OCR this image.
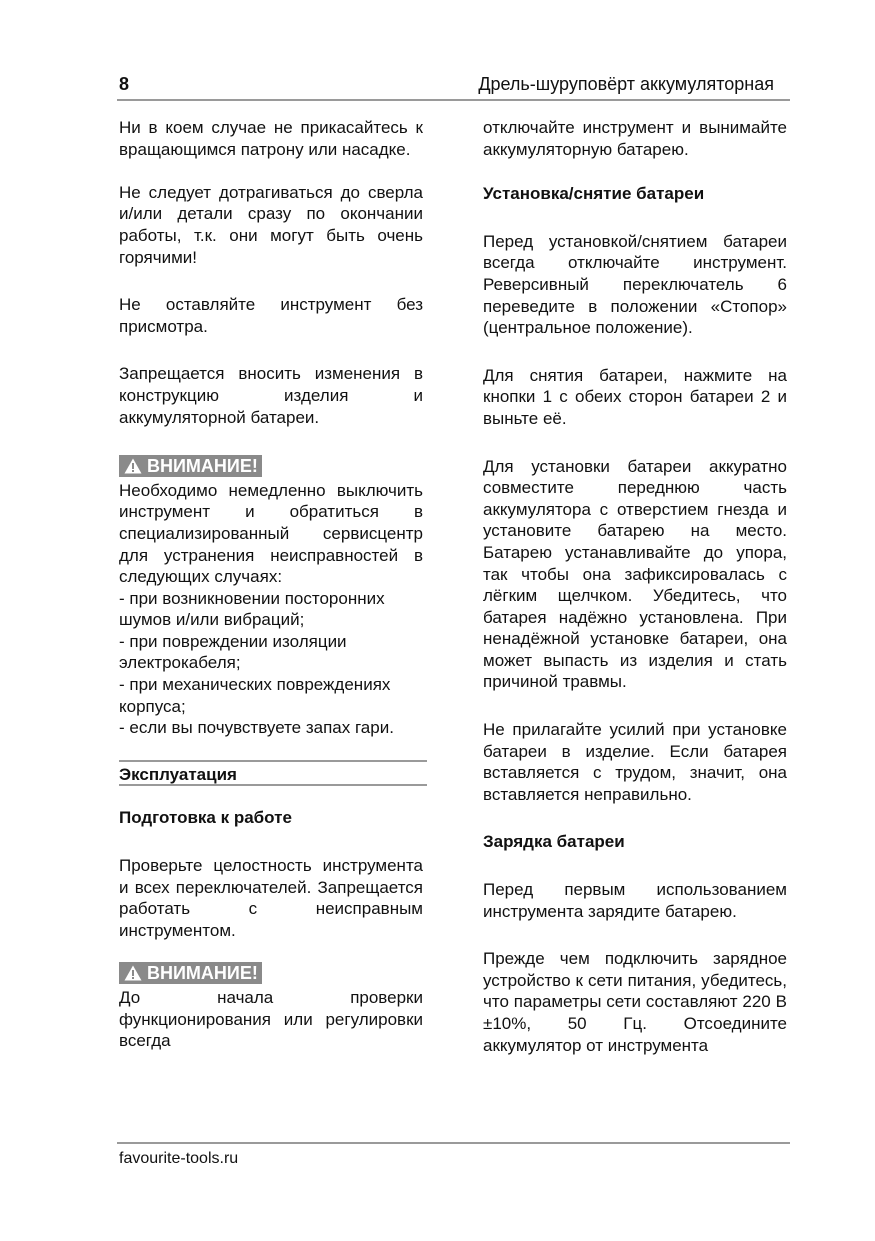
8	Дрель-шуруповёрт аккумуляторная

Ни в коем случае не прикасайтесь к вращающимся патрону или насадке.

Не следует дотрагиваться до сверла и/или детали сразу по окончании работы, т.к. они могут быть очень горячими!

Не оставляйте инструмент без присмотра.

Запрещается вносить изменения в конструкцию изделия и аккумуляторной батареи.

ВНИМАНИЕ!

Необходимо немедленно выключить инструмент и обратиться в специализированный сервисцентр для устранения неисправностей в следующих случаях:

- при возникновении посторонних шумов и/или вибраций;

- при повреждении изоляции электрокабеля;

- при механических повреждениях корпуса;

- если вы почувствуете запах гари.

Эксплуатация
Подготовка к работе

Проверьте целостность инструмента и всех переключателей. Запрещается работать с неисправным инструментом.

ВНИМАНИЕ!

До начала проверки функционирования или регулировки всегда

отключайте инструмент и вынимайте аккумуляторную батарею.

Установка/снятие батареи

Перед установкой/снятием батареи всегда отключайте инструмент. Реверсивный переключатель 6 переведите в положении «Стопор» (центральное положение).

Для снятия батареи, нажмите на кнопки 1 с обеих сторон батареи 2 и выньте её.

Для установки батареи аккуратно совместите переднюю часть аккумулятора с отверстием гнезда и установите батарею на место. Батарею устанавливайте до упора, так чтобы она зафиксировалась с лёгким щелчком. Убедитесь, что батарея надёжно установлена. При ненадёжной установке батареи, она может выпасть из изделия и стать причиной травмы.

Не прилагайте усилий при установке батареи в изделие. Если батарея вставляется с трудом, значит, она вставляется неправильно.

Зарядка батареи

Перед первым использованием инструмента зарядите батарею.

Прежде чем подключить зарядное устройство к сети питания, убедитесь, что параметры сети составляют 220 В ±10%, 50 Гц. Отсоедините аккумулятор от инструмента

favourite-tools.ru
